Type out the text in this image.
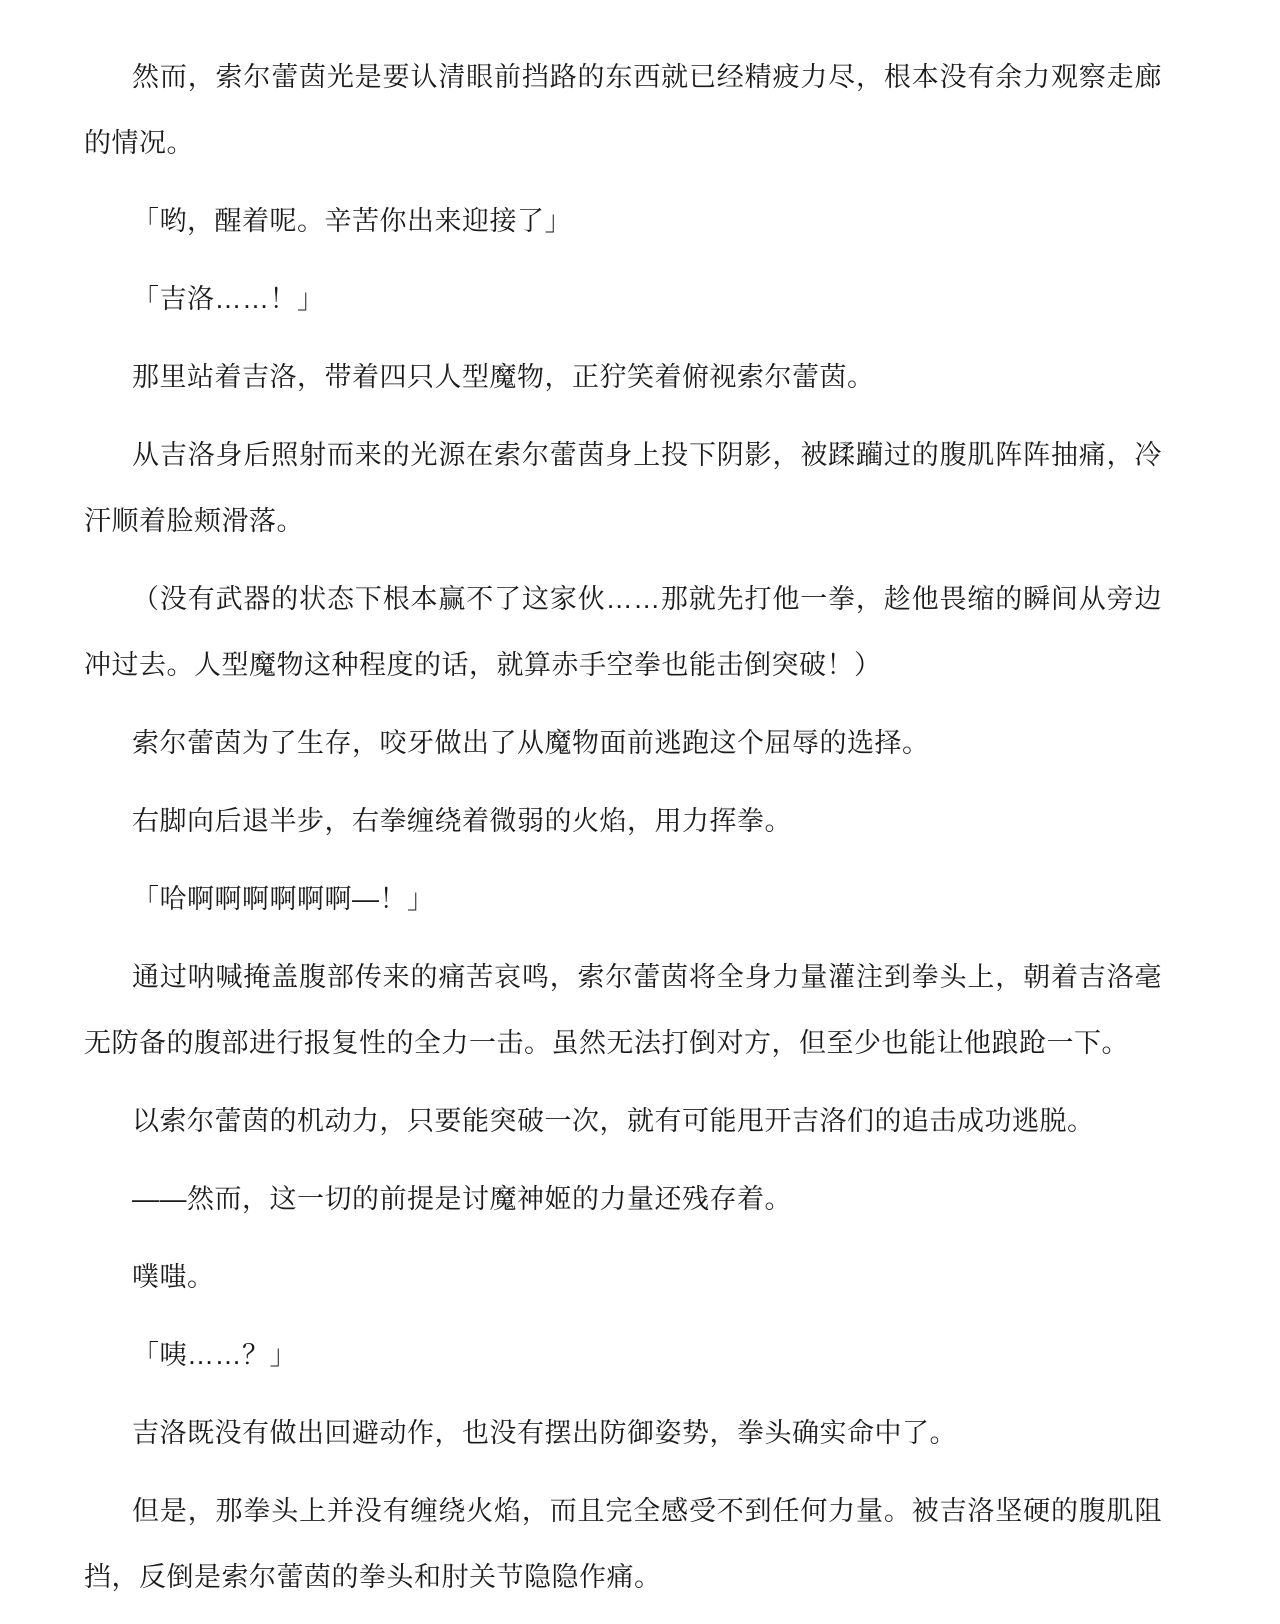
然而，索尔蕾茵光是要认清眼前挡路的东西就已经精疲力尽，根本没有余力观察走廊的情况。

「哟，醒着呢。辛苦你出来迎接了」

「吉洛……！」

那里站着吉洛，带着四只人型魔物，正狞笑着俯视索尔蕾茵。

从吉洛身后照射而来的光源在索尔蕾茵身上投下阴影，被蹂躏过的腹肌阵阵抽痛，冷汗顺着脸颊滑落。

（没有武器的状态下根本赢不了这家伙……那就先打他一拳，趁他畏缩的瞬间从旁边冲过去。人型魔物这种程度的话，就算赤手空拳也能击倒突破！）

索尔蕾茵为了生存，咬牙做出了从魔物面前逃跑这个屈辱的选择。

右脚向后退半步，右拳缠绕着微弱的火焰，用力挥拳。

「哈啊啊啊啊啊啊—！」

通过呐喊掩盖腹部传来的痛苦哀鸣，索尔蕾茵将全身力量灌注到拳头上，朝着吉洛毫无防备的腹部进行报复性的全力一击。虽然无法打倒对方，但至少也能让他踉跄一下。

以索尔蕾茵的机动力，只要能突破一次，就有可能甩开吉洛们的追击成功逃脱。

——然而，这一切的前提是讨魔神姬的力量还残存着。

噗嗤。

「咦……？」

吉洛既没有做出回避动作，也没有摆出防御姿势，拳头确实命中了。

但是，那拳头上并没有缠绕火焰，而且完全感受不到任何力量。被吉洛坚硬的腹肌阻挡，反倒是索尔蕾茵的拳头和肘关节隐隐作痛。
